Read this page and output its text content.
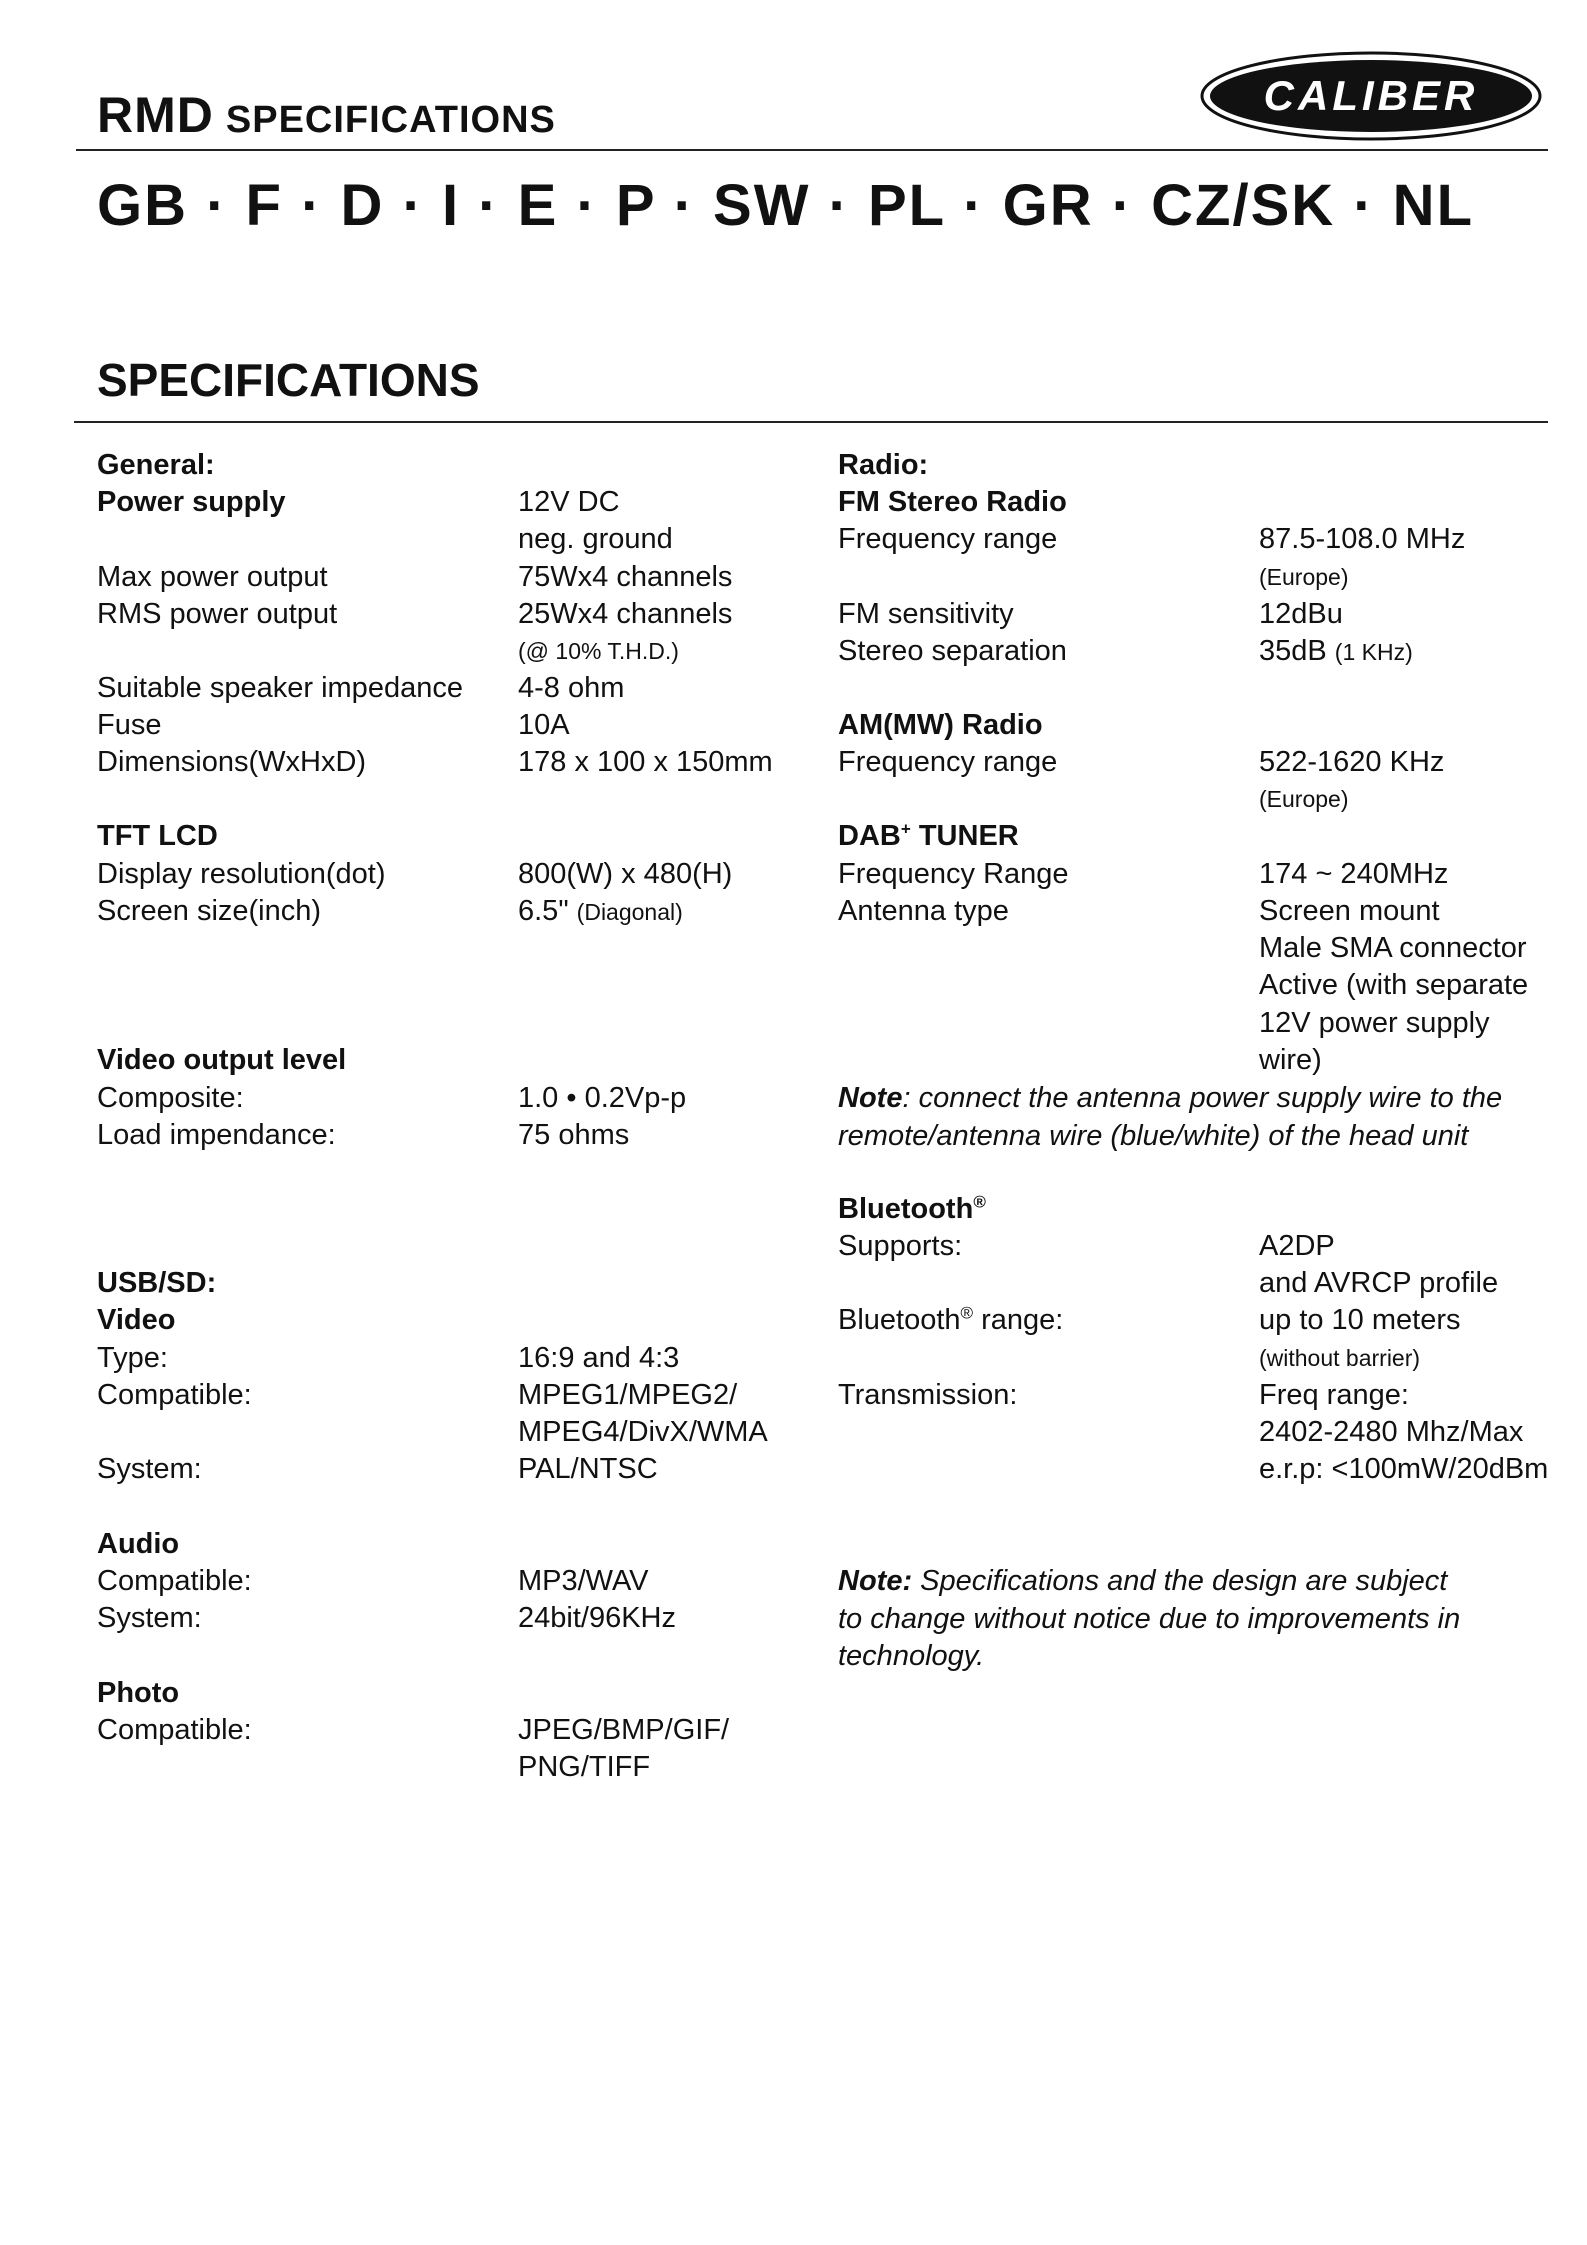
RMD SPECIFICATIONS
CALIBER
GB · F · D · I · E · P · SW · PL · GR · CZ/SK · NL
SPECIFICATIONS
General:
Power supply	12V DC
neg. ground
Max power output	75Wx4 channels
RMS power output	25Wx4 channels
(@ 10% T.H.D.)
Suitable speaker impedance 4-8 ohm
Fuse	10A
Dimensions(WxHxD)	178 x 100 x 150mm
TFT LCD
Display resolution(dot)	800(W) x 480(H)
Screen size(inch)	6.5" (Diagonal)
Video output level
Composite:	1.0 • 0.2Vp-p
Load impendance:	75 ohms
USB/SD:
Video
Type:	16:9 and 4:3
Compatible:	MPEG1/MPEG2/
MPEG4/DivX/WMA
System:	PAL/NTSC
Audio
Compatible:	MP3/WAV
System:	24bit/96KHz
Photo
Compatible:	JPEG/BMP/GIF/
PNG/TIFF
Radio:
FM Stereo Radio
Frequency range	87.5-108.0 MHz
(Europe)
FM sensitivity	12dBu
Stereo separation	35dB (1 KHz)
AM(MW) Radio
Frequency range	522-1620 KHz
(Europe)
DAB+ TUNER
Frequency Range	174 ~ 240MHz
Antenna type	Screen mount
Male SMA connector
Active (with separate
12V power supply
wire)
Note: connect the antenna power supply wire to the
remote/antenna wire (blue/white) of the head unit
Bluetooth®
Supports:	A2DP
and AVRCP profile
Bluetooth® range:	up to 10 meters
(without barrier)
Transmission:	Freq range:
2402-2480 Mhz/Max
e.r.p: <100mW/20dBm
Note: Specifications and the design are subject
to change without notice due to improvements in
technology.
